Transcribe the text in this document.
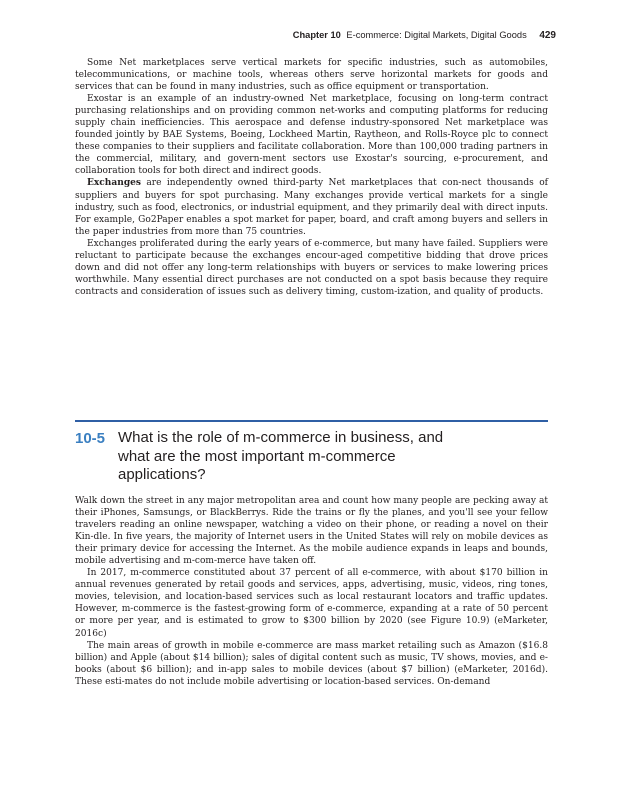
Chapter 10 E-commerce: Digital Markets, Digital Goods 429

Some Net marketplaces serve vertical markets for specific industries, such as automobiles, telecommunications, or machine tools, whereas others serve horizontal markets for goods and services that can be found in many industries, such as office equipment or transportation.

Exostar is an example of an industry-owned Net marketplace, focusing on long-term contract purchasing relationships and on providing common net-works and computing platforms for reducing supply chain inefficiencies. This aerospace and defense industry-sponsored Net marketplace was founded jointly by BAE Systems, Boeing, Lockheed Martin, Raytheon, and Rolls-Royce plc to connect these companies to their suppliers and facilitate collaboration. More than 100,000 trading partners in the commercial, military, and govern-ment sectors use Exostar's sourcing, e-procurement, and collaboration tools for both direct and indirect goods.

Exchanges are independently owned third-party Net marketplaces that con-nect thousands of suppliers and buyers for spot purchasing. Many exchanges provide vertical markets for a single industry, such as food, electronics, or industrial equipment, and they primarily deal with direct inputs. For example, Go2Paper enables a spot market for paper, board, and craft among buyers and sellers in the paper industries from more than 75 countries.

Exchanges proliferated during the early years of e-commerce, but many have failed. Suppliers were reluctant to participate because the exchanges encour-aged competitive bidding that drove prices down and did not offer any long-term relationships with buyers or services to make lowering prices worthwhile. Many essential direct purchases are not conducted on a spot basis because they require contracts and consideration of issues such as delivery timing, custom-ization, and quality of products.

10-5 What is the role of m-commerce in business, and what are the most important m-commerce applications?

Walk down the street in any major metropolitan area and count how many people are pecking away at their iPhones, Samsungs, or BlackBerrys. Ride the trains or fly the planes, and you'll see your fellow travelers reading an online newspaper, watching a video on their phone, or reading a novel on their Kin-dle. In five years, the majority of Internet users in the United States will rely on mobile devices as their primary device for accessing the Internet. As the mobile audience expands in leaps and bounds, mobile advertising and m-com-merce have taken off.

In 2017, m-commerce constituted about 37 percent of all e-commerce, with about $170 billion in annual revenues generated by retail goods and services, apps, advertising, music, videos, ring tones, movies, television, and location-based services such as local restaurant locators and traffic updates. However, m-commerce is the fastest-growing form of e-commerce, expanding at a rate of 50 percent or more per year, and is estimated to grow to $300 billion by 2020 (see Figure 10.9) (eMarketer, 2016c)

The main areas of growth in mobile e-commerce are mass market retailing such as Amazon ($16.8 billion) and Apple (about $14 billion); sales of digital content such as music, TV shows, movies, and e-books (about $6 billion); and in-app sales to mobile devices (about $7 billion) (eMarketer, 2016d). These esti-mates do not include mobile advertising or location-based services. On-demand
